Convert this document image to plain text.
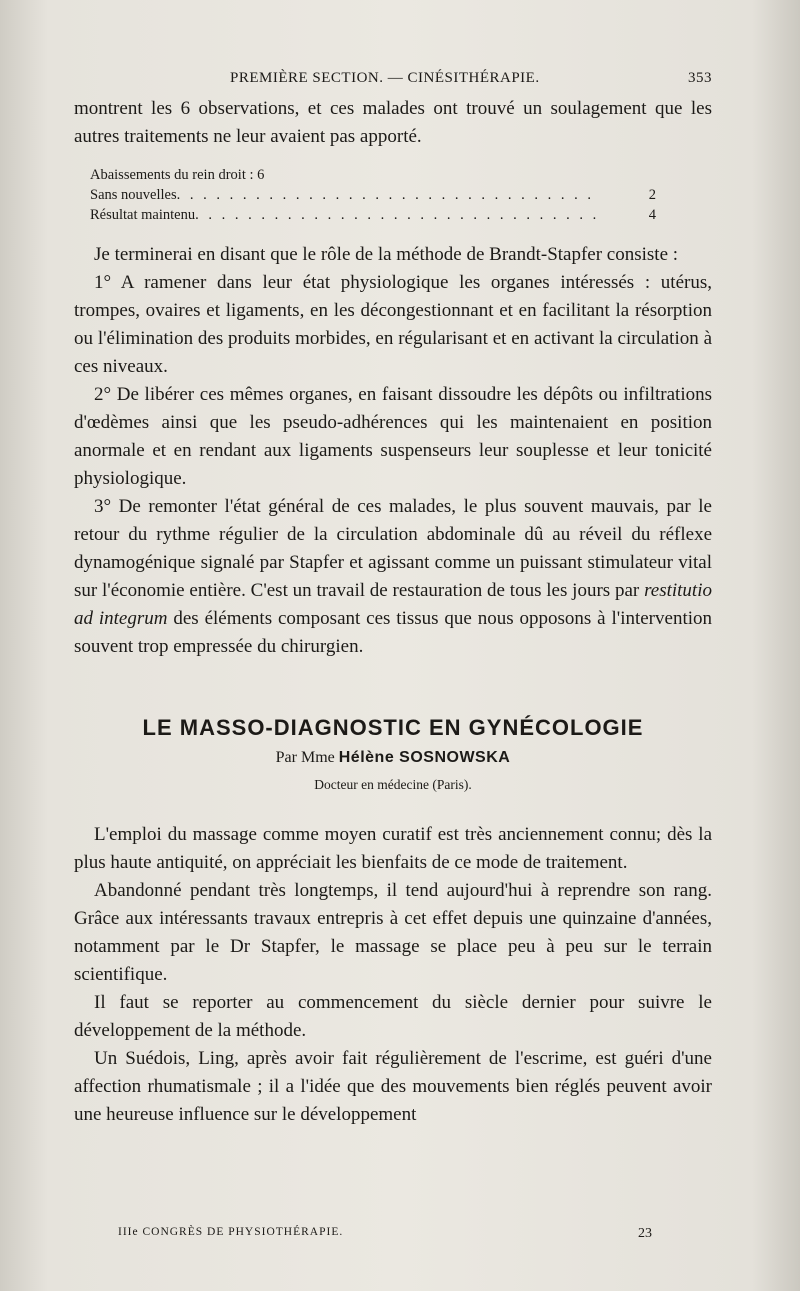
PREMIÈRE SECTION. — CINÉSITHÉRAPIE.	353

montrent les 6 observations, et ces malades ont trouvé un soulagement que les autres traitements ne leur avaient pas apporté.

Abaissements du rein droit : 6
Sans nouvelles . . .	2
Résultat maintenu . . .	4

Je terminerai en disant que le rôle de la méthode de Brandt-Stapfer consiste :

1° A ramener dans leur état physiologique les organes intéressés : utérus, trompes, ovaires et ligaments, en les décongestionnant et en facilitant la résorption ou l'élimination des produits morbides, en régularisant et en activant la circulation à ces niveaux.

2° De libérer ces mêmes organes, en faisant dissoudre les dépôts ou infiltrations d'œdèmes ainsi que les pseudo-adhérences qui les maintenaient en position anormale et en rendant aux ligaments suspenseurs leur souplesse et leur tonicité physiologique.

3° De remonter l'état général de ces malades, le plus souvent mauvais, par le retour du rythme régulier de la circulation abdominale dû au réveil du réflexe dynamogénique signalé par Stapfer et agissant comme un puissant stimulateur vital sur l'économie entière. C'est un travail de restauration de tous les jours par restitutio ad integrum des éléments composant ces tissus que nous opposons à l'intervention souvent trop empressée du chirurgien.

LE MASSO-DIAGNOSTIC EN GYNÉCOLOGIE
Par Mme Hélène SOSNOWSKA
Docteur en médecine (Paris).

L'emploi du massage comme moyen curatif est très anciennement connu; dès la plus haute antiquité, on appréciait les bienfaits de ce mode de traitement.

Abandonné pendant très longtemps, il tend aujourd'hui à reprendre son rang. Grâce aux intéressants travaux entrepris à cet effet depuis une quinzaine d'années, notamment par le Dr Stapfer, le massage se place peu à peu sur le terrain scientifique.

Il faut se reporter au commencement du siècle dernier pour suivre le développement de la méthode.

Un Suédois, Ling, après avoir fait régulièrement de l'escrime, est guéri d'une affection rhumatismale ; il a l'idée que des mouvements bien réglés peuvent avoir une heureuse influence sur le développement

IIIe CONGRÈS DE PHYSIOTHÉRAPIE.	23
